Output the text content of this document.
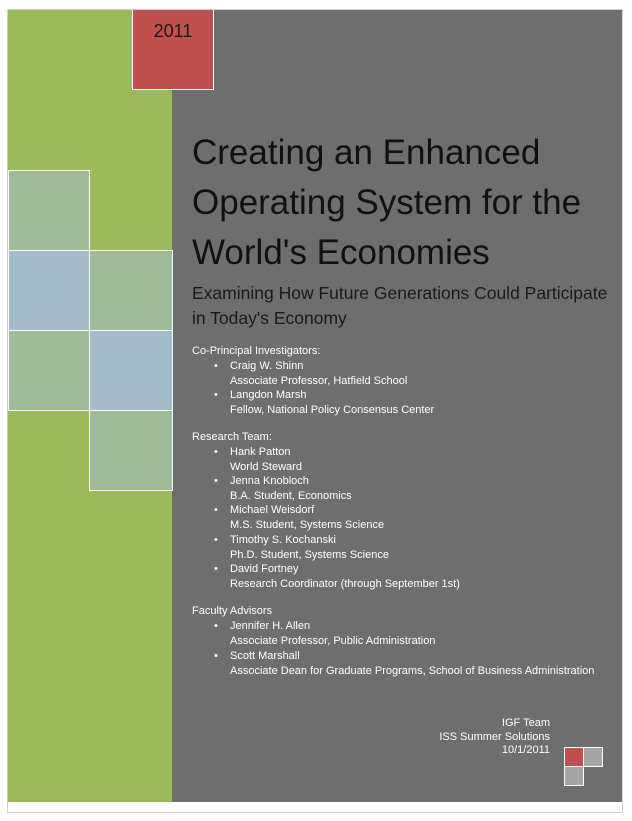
2011
Creating an Enhanced Operating System for the World's Economies
Examining How Future Generations Could Participate in Today's Economy
Co-Principal Investigators:
• Craig W. Shinn
Associate Professor, Hatfield School
• Langdon Marsh
Fellow, National Policy Consensus Center
Research Team:
• Hank Patton
World Steward
• Jenna Knobloch
B.A. Student, Economics
• Michael Weisdorf
M.S. Student, Systems Science
• Timothy S. Kochanski
Ph.D. Student, Systems Science
• David Fortney
Research Coordinator (through September 1st)
Faculty Advisors
• Jennifer H. Allen
Associate Professor, Public Administration
• Scott Marshall
Associate Dean for Graduate Programs, School of Business Administration
IGF Team
ISS Summer Solutions
10/1/2011
